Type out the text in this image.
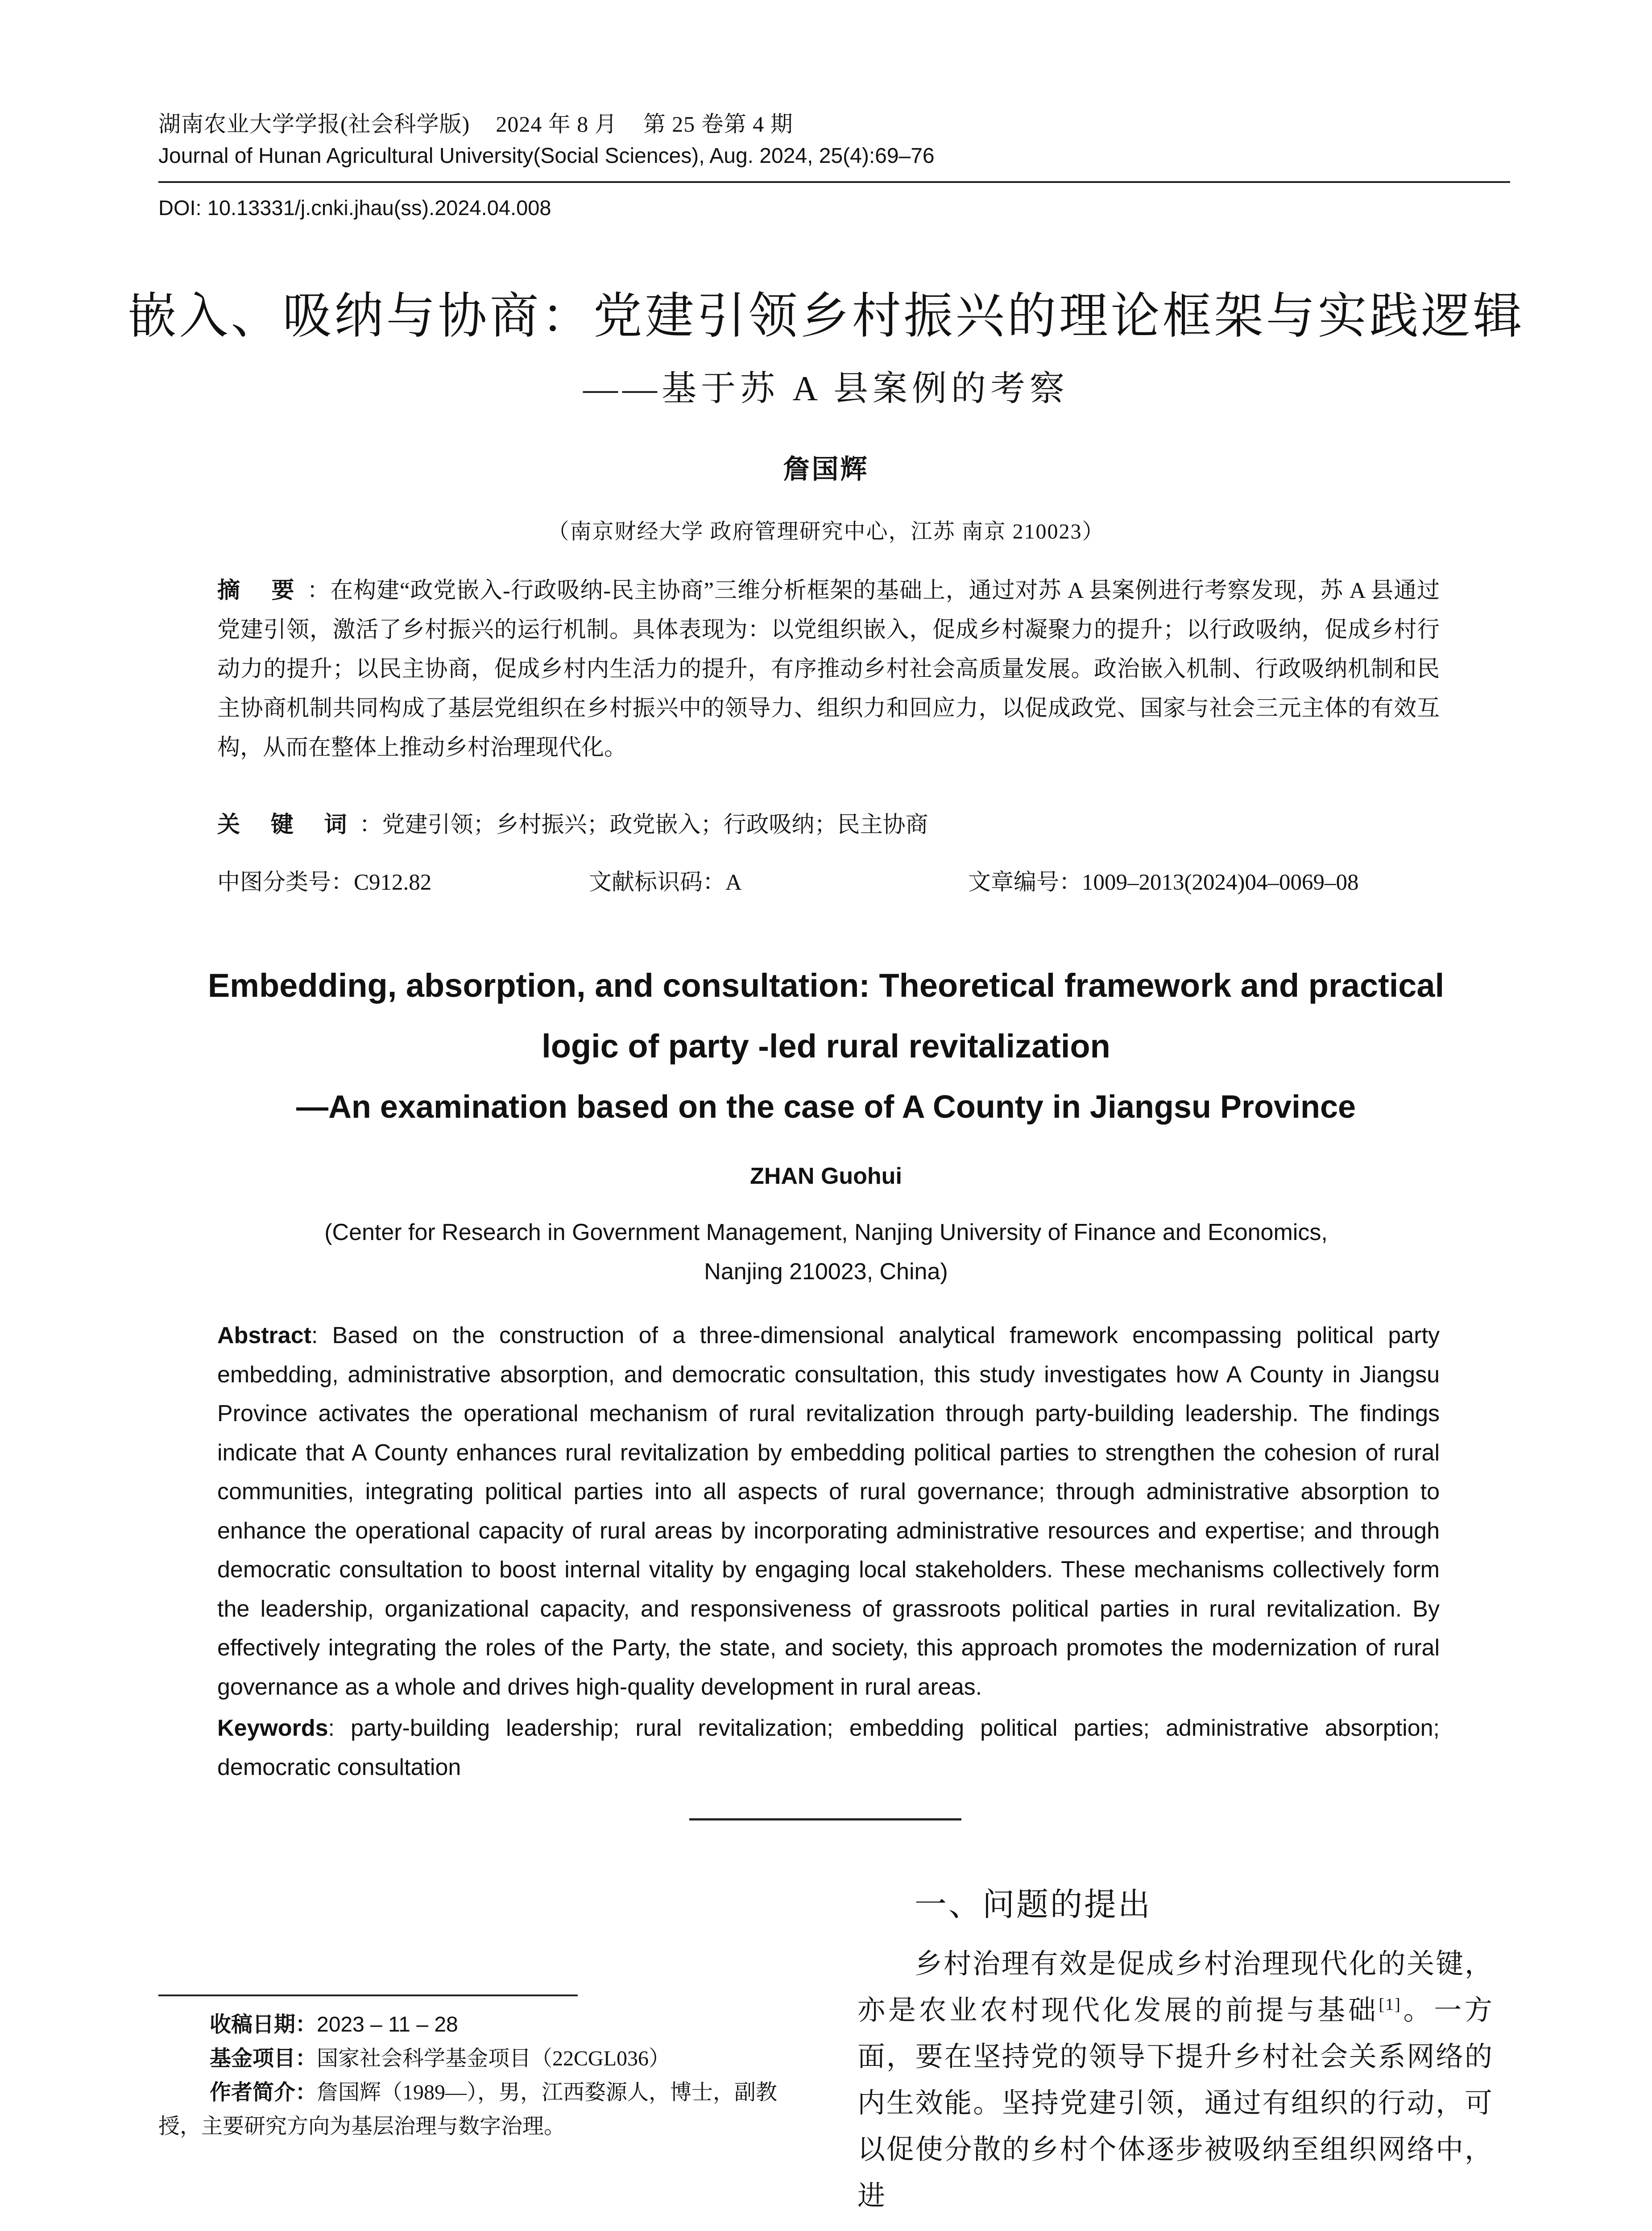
湖南农业大学学报(社会科学版) 2024 年 8 月 第 25 卷第 4 期
Journal of Hunan Agricultural University(Social Sciences), Aug. 2024, 25(4):69–76
DOI: 10.13331/j.cnki.jhau(ss).2024.04.008
嵌入、吸纳与协商：党建引领乡村振兴的理论框架与实践逻辑
——基于苏 A 县案例的考察
詹国辉
（南京财经大学 政府管理研究中心，江苏 南京 210023）
摘 要：在构建“政党嵌入-行政吸纳-民主协商”三维分析框架的基础上，通过对苏 A 县案例进行考察发现，苏 A 县通过党建引领，激活了乡村振兴的运行机制。具体表现为：以党组织嵌入，促成乡村凝聚力的提升；以行政吸纳，促成乡村行动力的提升；以民主协商，促成乡村内生活力的提升，有序推动乡村社会高质量发展。政治嵌入机制、行政吸纳机制和民主协商机制共同构成了基层党组织在乡村振兴中的领导力、组织力和回应力，以促成政党、国家与社会三元主体的有效互构，从而在整体上推动乡村治理现代化。
关 键 词：党建引领；乡村振兴；政党嵌入；行政吸纳；民主协商
中图分类号：C912.82	文献标识码：A	文章编号：1009–2013(2024)04–0069–08
Embedding, absorption, and consultation: Theoretical framework and practical
logic of party -led rural revitalization
—An examination based on the case of A County in Jiangsu Province
ZHAN Guohui
(Center for Research in Government Management, Nanjing University of Finance and Economics,
Nanjing 210023, China)
Abstract: Based on the construction of a three-dimensional analytical framework encompassing political party embedding, administrative absorption, and democratic consultation, this study investigates how A County in Jiangsu Province activates the operational mechanism of rural revitalization through party-building leadership. The findings indicate that A County enhances rural revitalization by embedding political parties to strengthen the cohesion of rural communities, integrating political parties into all aspects of rural governance; through administrative absorption to enhance the operational capacity of rural areas by incorporating administrative resources and expertise; and through democratic consultation to boost internal vitality by engaging local stakeholders. These mechanisms collectively form the leadership, organizational capacity, and responsiveness of grassroots political parties in rural revitalization. By effectively integrating the roles of the Party, the state, and society, this approach promotes the modernization of rural governance as a whole and drives high-quality development in rural areas.
Keywords: party-building leadership; rural revitalization; embedding political parties; administrative absorption; democratic consultation
收稿日期：2023 – 11 – 28
基金项目：国家社会科学基金项目（22CGL036）
作者简介：詹国辉（1989—），男，江西婺源人，博士，副教授，主要研究方向为基层治理与数字治理。
一、问题的提出

乡村治理有效是促成乡村治理现代化的关键，亦是农业农村现代化发展的前提与基础[1]。一方面，要在坚持党的领导下提升乡村社会关系网络的内生效能。坚持党建引领，通过有组织的行动，可以促使分散的乡村个体逐步被吸纳至组织网络中，进
